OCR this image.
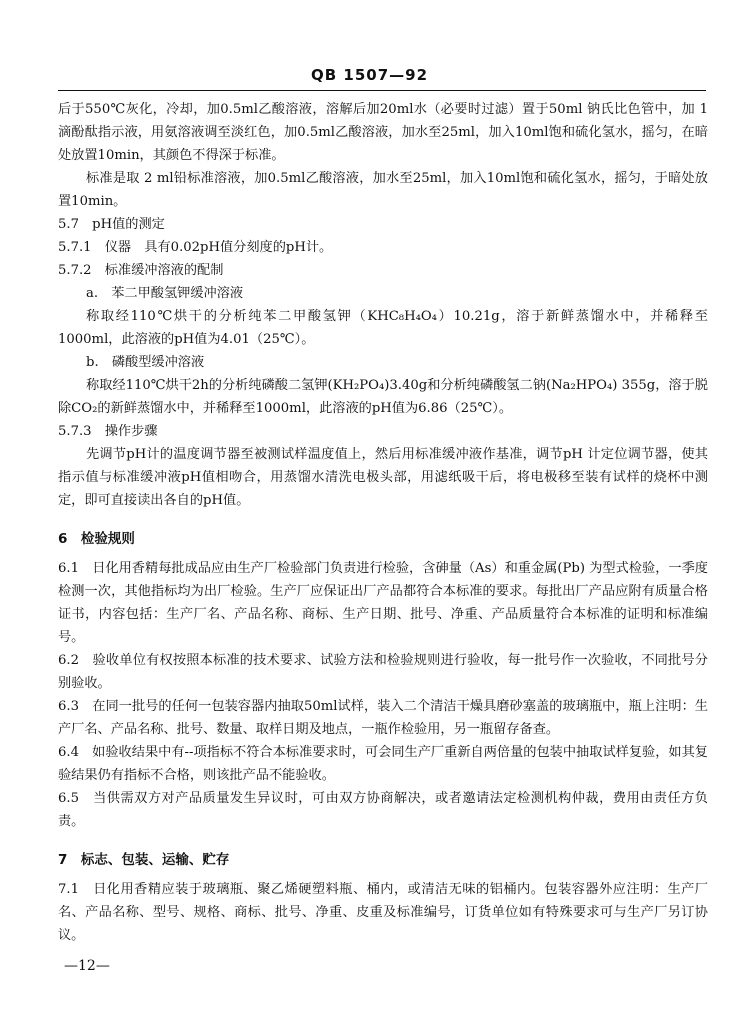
QB 1507—92

后于550℃灰化，冷却，加0.5ml乙酸溶液，溶解后加20ml水（必要时过滤）置于50ml 钠氏比色管中，加 1 滴酚酞指示液，用氨溶液调至淡红色，加0.5ml乙酸溶液，加水至25ml，加入10ml饱和硫化氢水，摇匀，在暗处放置10min，其颜色不得深于标准。

标准是取 2 ml铅标准溶液，加0.5ml乙酸溶液，加水至25ml，加入10ml饱和硫化氢水，摇匀，于暗处放置10min。

5.7　pH值的测定

5.7.1　仪器　具有0.02pH值分刻度的pH计。

5.7.2　标准缓冲溶液的配制

a.　苯二甲酸氢钾缓冲溶液

称取经110℃烘干的分析纯苯二甲酸氢钾（KHC₈H₄O₄）10.21g，溶于新鲜蒸馏水中，并稀释至1000ml，此溶液的pH值为4.01（25℃）。

b.　磷酸型缓冲溶液

称取经110℃烘干2h的分析纯磷酸二氢钾(KH₂PO₄)3.40g和分析纯磷酸氢二钠(Na₂HPO₄) 355g，溶于脱除CO₂的新鲜蒸馏水中，并稀释至1000ml，此溶液的pH值为6.86（25℃）。

5.7.3　操作步骤

先调节pH计的温度调节器至被测试样温度值上，然后用标准缓冲液作基准，调节pH 计定位调节器，使其指示值与标准缓冲液pH值相吻合，用蒸馏水清洗电极头部，用滤纸吸干后，将电极移至装有试样的烧杯中测定，即可直接读出各自的pH值。

6　检验规则

6.1　日化用香精每批成品应由生产厂检验部门负责进行检验，含砷量（As）和重金属(Pb) 为型式检验，一季度检测一次，其他指标均为出厂检验。生产厂应保证出厂产品都符合本标准的要求。每批出厂产品应附有质量合格证书，内容包括：生产厂名、产品名称、商标、生产日期、批号、净重、产品质量符合本标准的证明和标准编号。

6.2　验收单位有权按照本标准的技术要求、试验方法和检验规则进行验收，每一批号作一次验收，不同批号分别验收。

6.3　在同一批号的任何一包装容器内抽取50ml试样，装入二个清洁干燥具磨砂塞盖的玻璃瓶中，瓶上注明：生产厂名、产品名称、批号、数量、取样日期及地点，一瓶作检验用，另一瓶留存备查。

6.4　如验收结果中有--项指标不符合本标准要求时，可会同生产厂重新自两倍量的包装中抽取试样复验，如其复验结果仍有指标不合格，则该批产品不能验收。

6.5　当供需双方对产品质量发生异议时，可由双方协商解决，或者邀请法定检测机构仲裁，费用由责任方负责。

7　标志、包装、运输、贮存

7.1　日化用香精应装于玻璃瓶、聚乙烯硬塑料瓶、桶内，或清洁无味的铝桶内。包装容器外应注明：生产厂名、产品名称、型号、规格、商标、批号、净重、皮重及标准编号，订货单位如有特殊要求可与生产厂另订协议。

—12—
